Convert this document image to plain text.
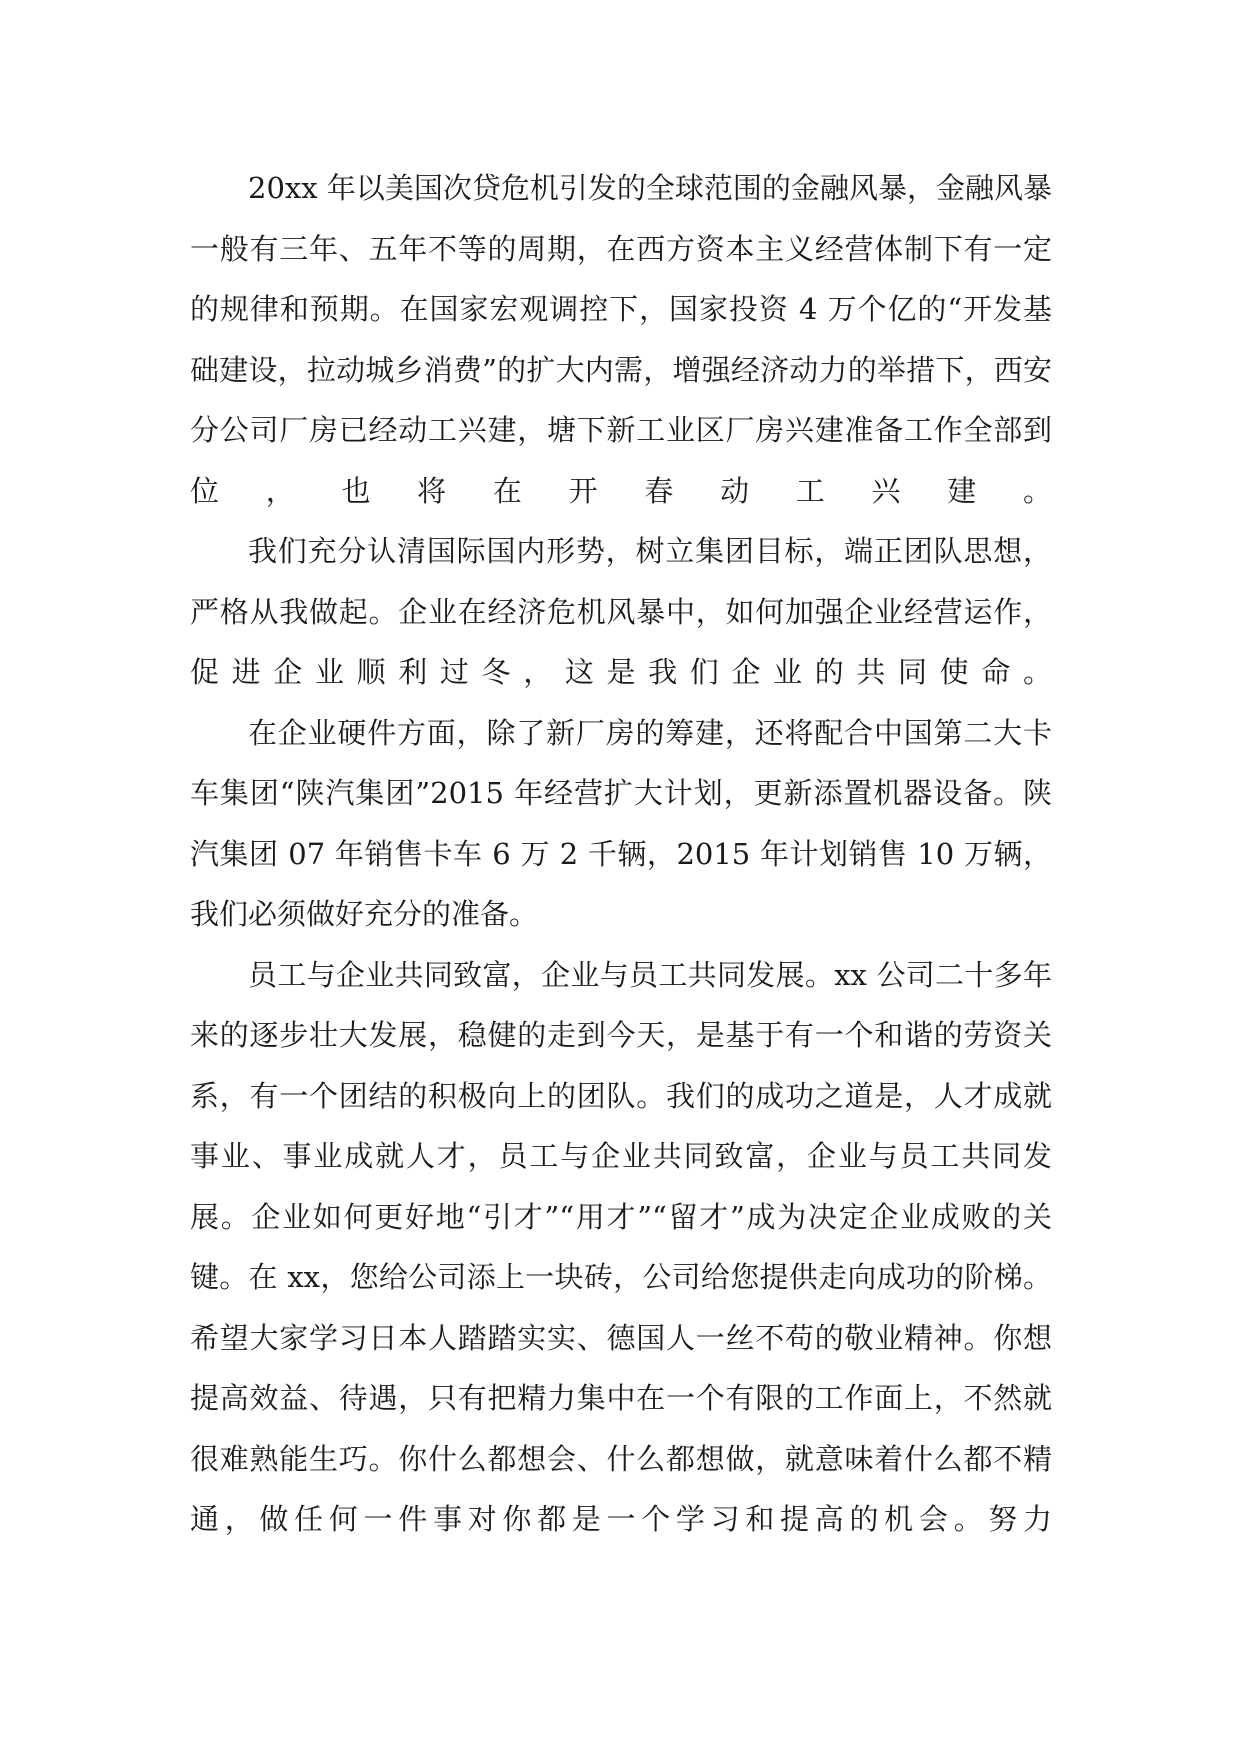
20xx 年以美国次贷危机引发的全球范围的金融风暴，金融风暴一般有三年、五年不等的周期，在西方资本主义经营体制下有一定的规律和预期。在国家宏观调控下，国家投资 4 万个亿的“开发基础建设，拉动城乡消费”的扩大内需，增强经济动力的举措下，西安分公司厂房已经动工兴建，塘下新工业区厂房兴建准备工作全部到位，也将在开春动工兴建。

我们充分认清国际国内形势，树立集团目标，端正团队思想，严格从我做起。企业在经济危机风暴中，如何加强企业经营运作，促进企业顺利过冬，这是我们企业的共同使命。

在企业硬件方面，除了新厂房的筹建，还将配合中国第二大卡车集团“陕汽集团”2015 年经营扩大计划，更新添置机器设备。陕汽集团 07 年销售卡车 6 万 2 千辆，2015 年计划销售 10 万辆，我们必须做好充分的准备。

员工与企业共同致富，企业与员工共同发展。xx 公司二十多年来的逐步壮大发展，稳健的走到今天，是基于有一个和谐的劳资关系，有一个团结的积极向上的团队。我们的成功之道是，人才成就事业、事业成就人才，员工与企业共同致富，企业与员工共同发展。企业如何更好地“引才”“用才”“留才”成为决定企业成败的关键。在 xx，您给公司添上一块砖，公司给您提供走向成功的阶梯。希望大家学习日本人踏踏实实、德国人一丝不苟的敬业精神。你想提高效益、待遇，只有把精力集中在一个有限的工作面上，不然就很难熟能生巧。你什么都想会、什么都想做，就意味着什么都不精通，做任何一件事对你都是一个学习和提高的机会。努力
